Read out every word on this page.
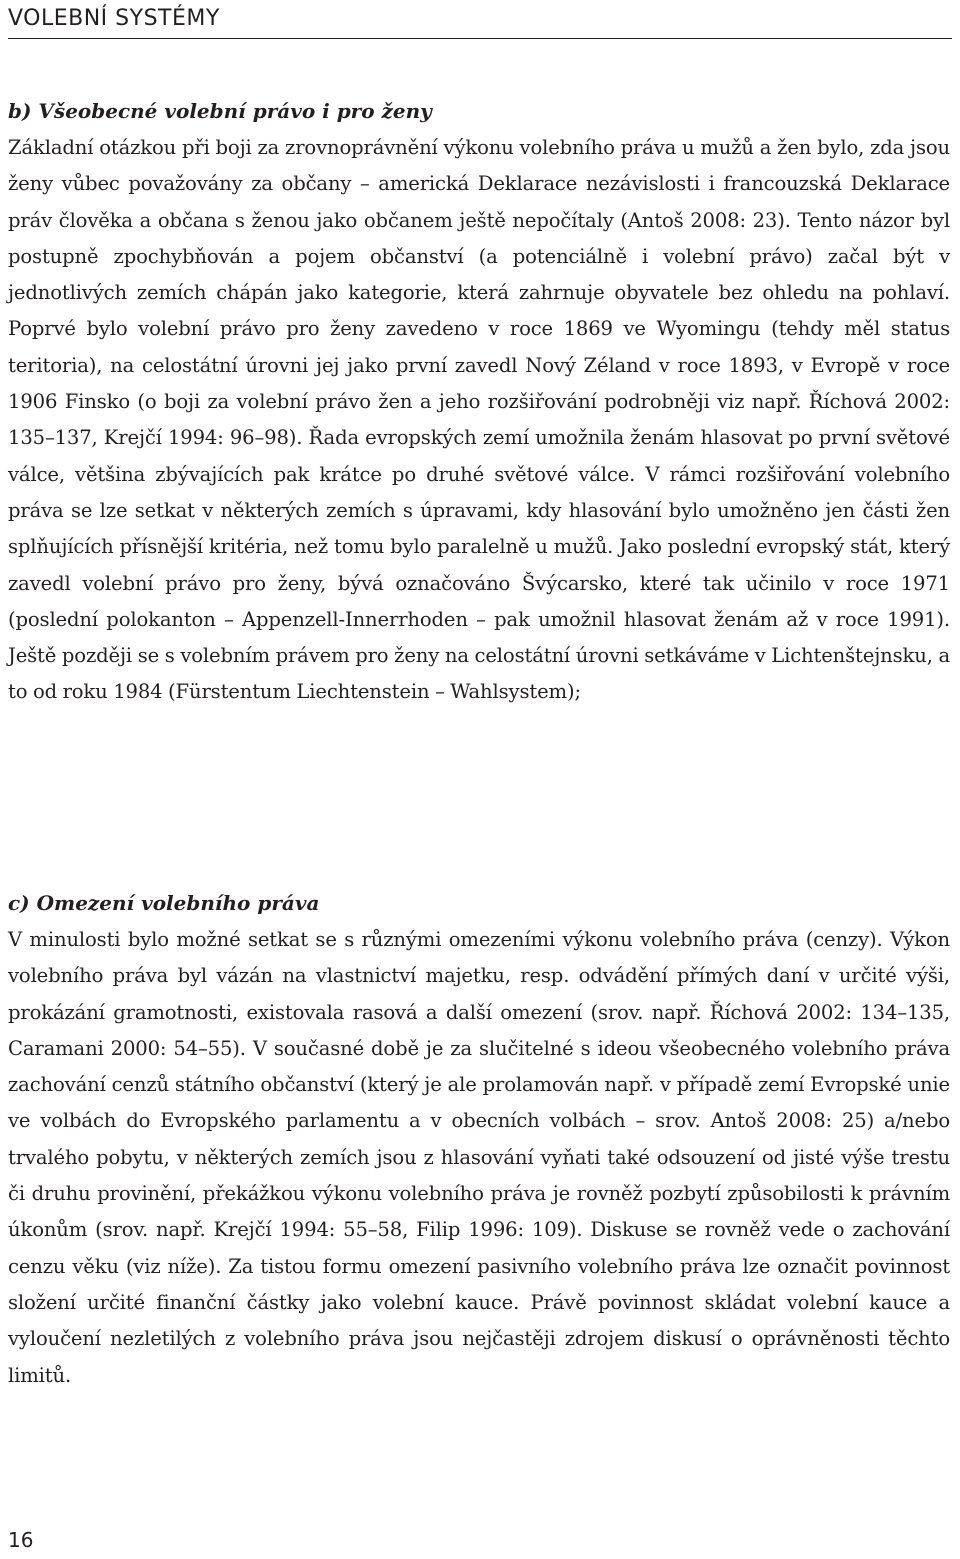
VOLEBNÍ SYSTÉMY
b) Všeobecné volební právo i pro ženy

Základní otázkou při boji za zrovnoprávnění výkonu volebního práva u mužů a žen bylo, zda jsou ženy vůbec považovány za občany – americká Deklarace nezávislosti i francouzská Deklarace práv člověka a občana s ženou jako občanem ještě nepočítaly (Antoš 2008: 23). Tento názor byl postupně zpochybňován a pojem občanství (a potenciálně i volební právo) začal být v jednotlivých zemích chápán jako kategorie, která zahrnuje obyvatele bez ohledu na pohlaví. Poprvé bylo volební právo pro ženy zavedeno v roce 1869 ve Wyomingu (tehdy měl status teritoria), na celostátní úrovni jej jako první zavedl Nový Zéland v roce 1893, v Evropě v roce 1906 Finsko (o boji za volební právo žen a jeho rozšiřování podrobněji viz např. Říchová 2002: 135–137, Krejčí 1994: 96–98). Řada evropských zemí umožnila ženám hlasovat po první světové válce, většina zbývajících pak krátce po druhé světové válce. V rámci rozšiřování volebního práva se lze setkat v některých zemích s úpravami, kdy hlasování bylo umožněno jen části žen splňujících přísnější kritéria, než tomu bylo paralelně u mužů. Jako poslední evropský stát, který zavedl volební právo pro ženy, bývá označováno Švýcarsko, které tak učinilo v roce 1971 (poslední polokanton – Appenzell-Innerrhoden – pak umožnil hlasovat ženám až v roce 1991). Ještě později se s volebním právem pro ženy na celostátní úrovni setkáváme v Lichtenštejnsku, a to od roku 1984 (Fürstentum Liechtenstein – Wahlsystem);

c) Omezení volebního práva

V minulosti bylo možné setkat se s různými omezeními výkonu volebního práva (cenzy). Výkon volebního práva byl vázán na vlastnictví majetku, resp. odvádění přímých daní v určité výši, prokázání gramotnosti, existovala rasová a další omezení (srov. např. Říchová 2002: 134–135, Caramani 2000: 54–55). V současné době je za slučitelné s ideou všeobecného volebního práva zachování cenzů státního občanství (který je ale prolamován např. v případě zemí Evropské unie ve volbách do Evropského parlamentu a v obecních volbách – srov. Antoš 2008: 25) a/nebo trvalého pobytu, v některých zemích jsou z hlasování vyňati také odsouzení od jisté výše trestu či druhu provinění, překážkou výkonu volebního práva je rovněž pozbytí způsobilosti k právním úkonům (srov. např. Krejčí 1994: 55–58, Filip 1996: 109). Diskuse se rovněž vede o zachování cenzu věku (viz níže). Za tistou formu omezení pasivního volebního práva lze označit povinnost složení určité finanční částky jako volební kauce. Právě povinnost skládat volební kauce a vyloučení nezletilých z volebního práva jsou nejčastěji zdrojem diskusí o oprávněnosti těchto limitů.

16
